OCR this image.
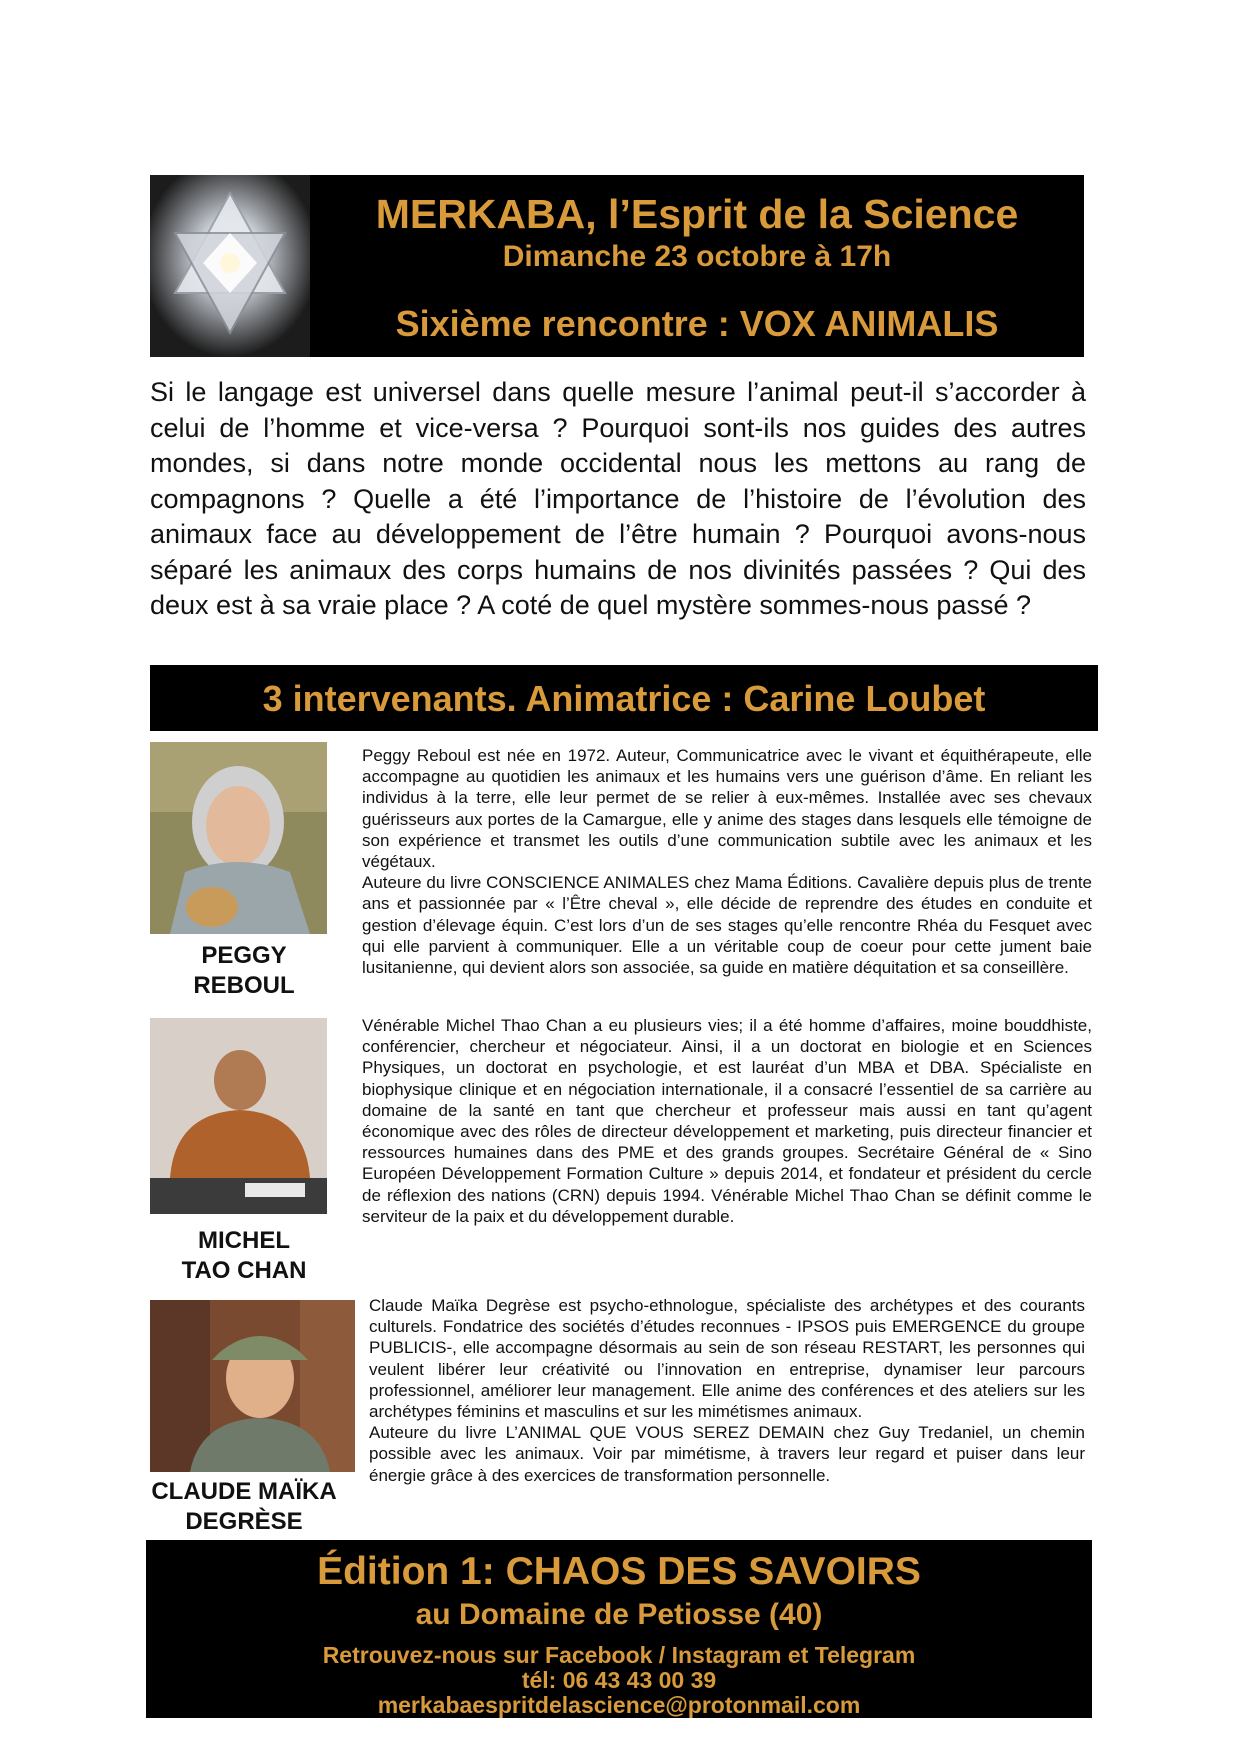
MERKABA, l’Esprit de la Science
Dimanche 23 octobre à 17h
Sixième rencontre : VOX ANIMALIS
Si le langage est universel dans quelle mesure l’animal peut-il s’accorder à celui de l’homme et vice-versa ? Pourquoi sont-ils nos guides des autres mondes, si dans notre monde occidental nous les mettons au rang de compagnons ? Quelle a été l’importance de l’histoire de l’évolution des animaux face au développement de l’être humain ? Pourquoi avons-nous séparé les animaux des corps humains de nos divinités passées ? Qui des deux est à sa vraie place ? A coté de quel mystère sommes-nous passé ?
3 intervenants. Animatrice : Carine Loubet
PEGGY
REBOUL

Peggy Reboul est née en 1972. Auteur, Communicatrice avec le vivant et équithérapeute, elle accompagne au quotidien les animaux et les humains vers une guérison d’âme. En reliant les individus à la terre, elle leur permet de se relier à eux-mêmes. Installée avec ses chevaux guérisseurs aux portes de la Camargue, elle y anime des stages dans lesquels elle témoigne de son expérience et transmet les outils d’une communication subtile avec les animaux et les végétaux.

Auteure du livre CONSCIENCE ANIMALES chez Mama Éditions. Cavalière depuis plus de trente ans et passionnée par « l’Être cheval », elle décide de reprendre des études en conduite et gestion d’élevage équin. C’est lors d’un de ses stages qu’elle rencontre Rhéa du Fesquet avec qui elle parvient à communiquer. Elle a un véritable coup de coeur pour cette jument baie lusitanienne, qui devient alors son associée, sa guide en matière déquitation et sa conseillère.

MICHEL
TAO CHAN

Vénérable Michel Thao Chan a eu plusieurs vies; il a été homme d’affaires, moine bouddhiste, conférencier, chercheur et négociateur. Ainsi, il a un doctorat en biologie et en Sciences Physiques, un doctorat en psychologie, et est lauréat d’un MBA et DBA. Spécialiste en biophysique clinique et en négociation internationale, il a consacré l’essentiel de sa carrière au domaine de la santé en tant que chercheur et professeur mais aussi en tant qu’agent économique avec des rôles de directeur développement et marketing, puis directeur financier et ressources humaines dans des PME et des grands groupes. Secrétaire Général de « Sino Européen Développement Formation Culture » depuis 2014, et fondateur et président du cercle de réflexion des nations (CRN) depuis 1994. Vénérable Michel Thao Chan se définit comme le serviteur de la paix et du développement durable.

CLAUDE MAÏKA
DEGRÈSE

Claude Maïka Degrèse est psycho-ethnologue, spécialiste des archétypes et des courants culturels. Fondatrice des sociétés d’études reconnues - IPSOS puis EMERGENCE du groupe PUBLICIS-, elle accompagne désormais au sein de son réseau RESTART, les personnes qui veulent libérer leur créativité ou l’innovation en entreprise, dynamiser leur parcours professionnel, améliorer leur management. Elle anime des conférences et des ateliers sur les archétypes féminins et masculins et sur les mimétismes animaux.

Auteure du livre L’ANIMAL QUE VOUS SEREZ DEMAIN chez Guy Tredaniel, un chemin possible avec les animaux. Voir par mimétisme, à travers leur regard et puiser dans leur énergie grâce à des exercices de transformation personnelle.

Édition 1: CHAOS DES SAVOIRS
au Domaine de Petiosse (40)
Retrouvez-nous sur Facebook / Instagram et Telegram
tél: 06 43 43 00 39
merkabaespritdelascience@protonmail.com
